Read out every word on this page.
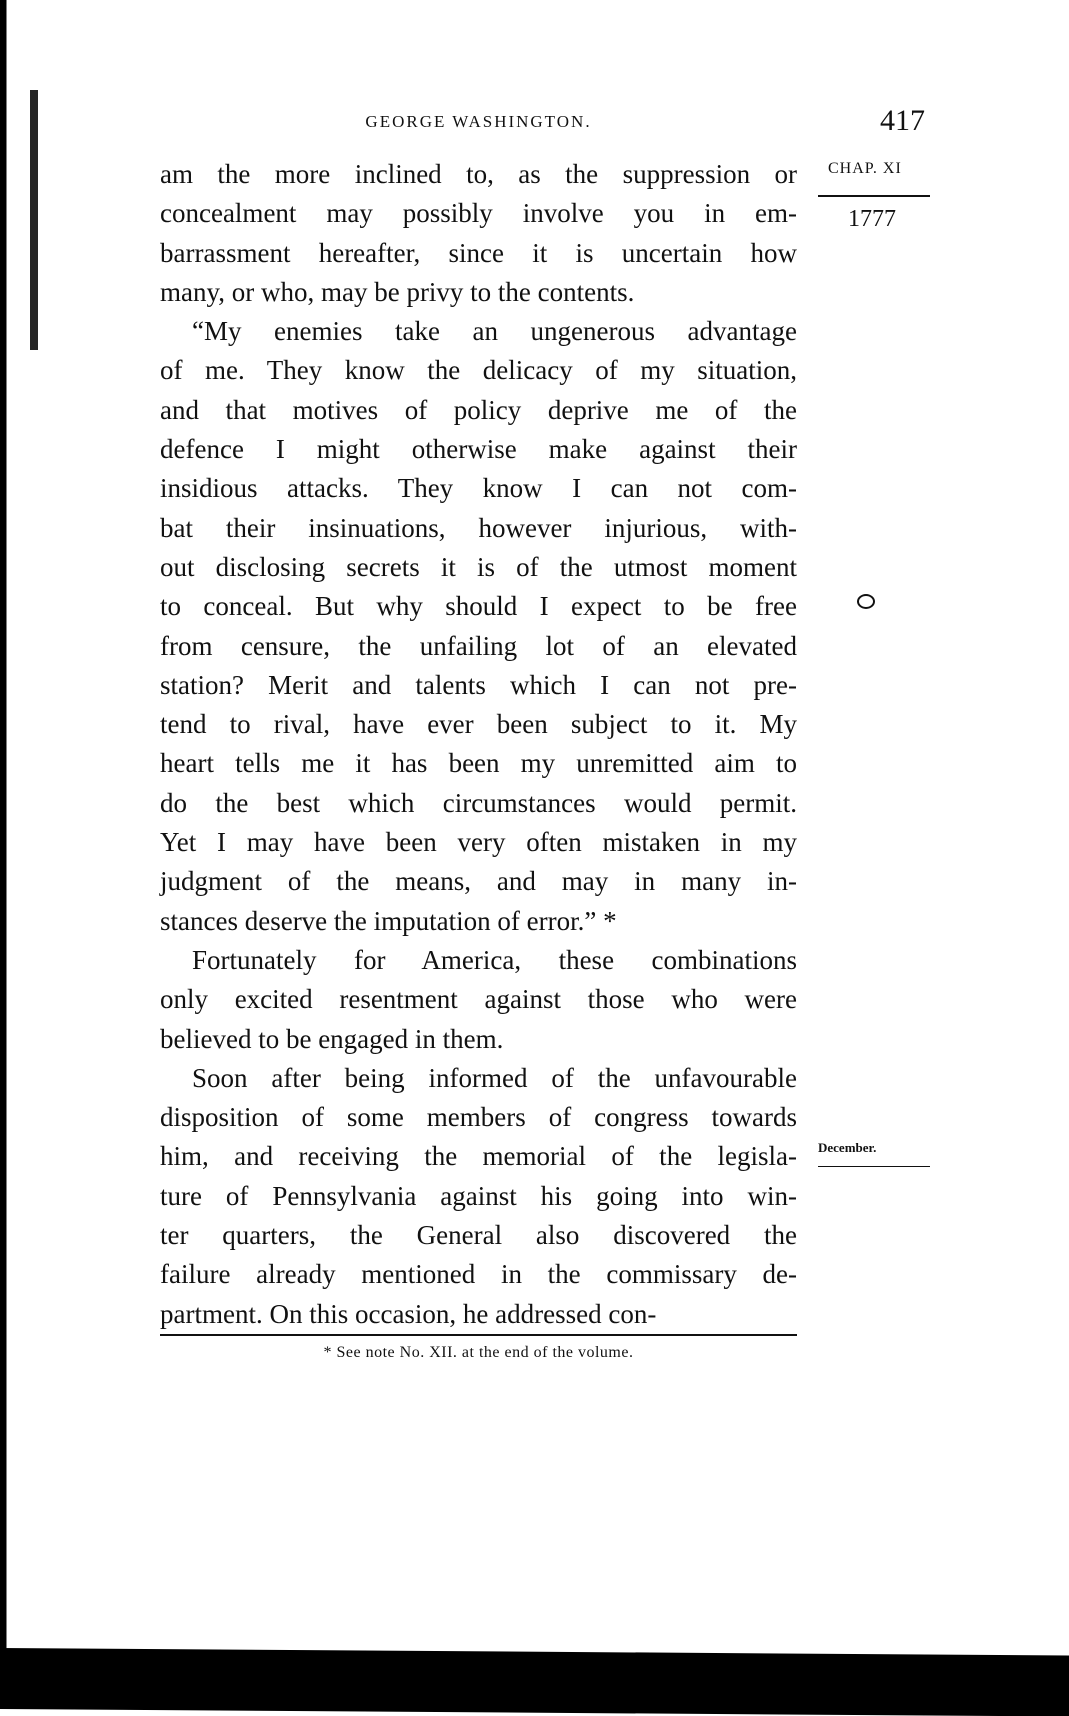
GEORGE WASHINGTON.	417
CHAP. XI
1777
December.
am the more inclined to, as the suppression or
concealment may possibly involve you in em-
barrassment hereafter, since it is uncertain how
many, or who, may be privy to the contents.
“My enemies take an ungenerous advantage
of me. They know the delicacy of my situation,
and that motives of policy deprive me of the
defence I might otherwise make against their
insidious attacks. They know I can not com-
bat their insinuations, however injurious, with-
out disclosing secrets it is of the utmost moment
to conceal. But why should I expect to be free
from censure, the unfailing lot of an elevated
station? Merit and talents which I can not pre-
tend to rival, have ever been subject to it. My
heart tells me it has been my unremitted aim to
do the best which circumstances would permit.
Yet I may have been very often mistaken in my
judgment of the means, and may in many in-
stances deserve the imputation of error.” *
Fortunately for America, these combinations
only excited resentment against those who were
believed to be engaged in them.
Soon after being informed of the unfavourable
disposition of some members of congress towards
him, and receiving the memorial of the legisla-
ture of Pennsylvania against his going into win-
ter quarters, the General also discovered the
failure already mentioned in the commissary de-
partment. On this occasion, he addressed con-
* See note No. XII. at the end of the volume.
